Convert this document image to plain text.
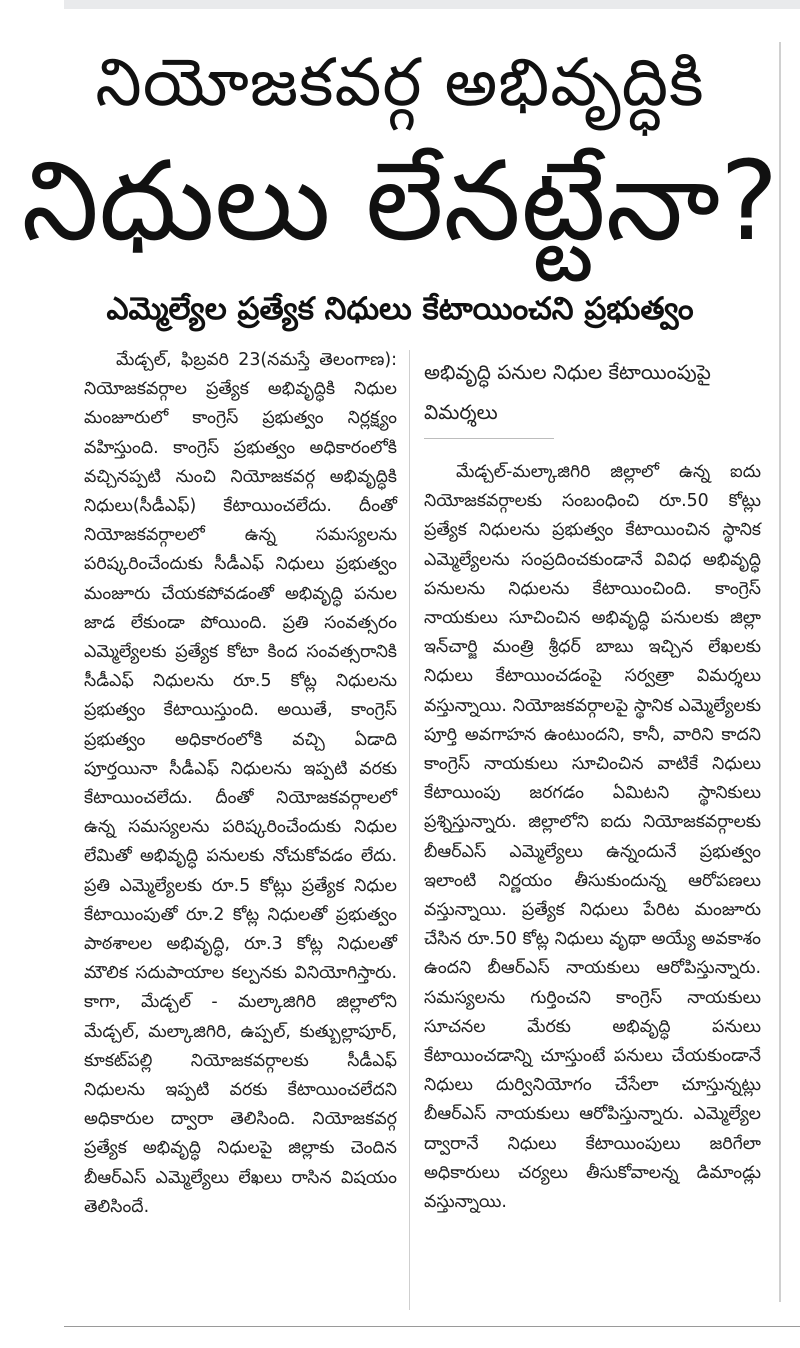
నియోజకవర్గ అభివృద్ధికి
నిధులు లేనట్టేనా?
ఎమ్మెల్యేల ప్రత్యేక నిధులు కేటాయించని ప్రభుత్వం

మేడ్చల్, ఫిబ్రవరి 23(నమస్తే తెలంగాణ): నియోజకవర్గాల ప్రత్యేక అభివృద్ధికి నిధుల మంజూరులో కాంగ్రెస్ ప్రభుత్వం నిర్లక్ష్యం వహిస్తుంది. కాంగ్రెస్ ప్రభుత్వం అధికారంలోకి వచ్చినప్పటి నుంచి నియోజకవర్గ అభివృద్ధికి నిధులు(సీడీఎఫ్) కేటాయించలేదు. దీంతో నియోజకవర్గాలలో ఉన్న సమస్యలను పరిష్కరించేందుకు సీడీఎఫ్ నిధులు ప్రభుత్వం మంజూరు చేయకపోవడంతో అభివృద్ధి పనుల జాడ లేకుండా పోయింది. ప్రతి సంవత్సరం ఎమ్మెల్యేలకు ప్రత్యేక కోటా కింద సంవత్సరానికి సీడీఎఫ్ నిధులను రూ.5 కోట్ల నిధులను ప్రభుత్వం కేటాయిస్తుంది. అయితే, కాంగ్రెస్ ప్రభుత్వం అధికారంలోకి వచ్చి ఏడాది పూర్తయినా సీడీఎఫ్ నిధులను ఇప్పటి వరకు కేటాయించలేదు. దీంతో నియోజకవర్గాలలో ఉన్న సమస్యలను పరిష్కరించేందుకు నిధుల లేమితో అభివృద్ధి పనులకు నోచుకోవడం లేదు. ప్రతి ఎమ్మెల్యేలకు రూ.5 కోట్లు ప్రత్యేక నిధుల కేటాయింపుతో రూ.2 కోట్ల నిధులతో ప్రభుత్వం పాఠశాలల అభివృద్ధి, రూ.3 కోట్ల నిధులతో మౌలిక సదుపాయాల కల్పనకు వినియోగిస్తారు. కాగా, మేడ్చల్ - మల్కాజిగిరి జిల్లాలోని మేడ్చల్, మల్కాజిగిరి, ఉప్పల్, కుత్బుల్లాపూర్, కూకట్‌పల్లి నియోజకవర్గాలకు సీడీఎఫ్ నిధులను ఇప్పటి వరకు కేటాయించలేదని అధికారుల ద్వారా తెలిసింది. నియోజకవర్గ ప్రత్యేక అభివృద్ధి నిధులపై జిల్లాకు చెందిన బీఆర్ఎస్ ఎమ్మెల్యేలు లేఖలు రాసిన విషయం తెలిసిందే.

అభివృద్ధి పనుల నిధుల కేటాయింపుపై విమర్శలు

మేడ్చల్-మల్కాజిగిరి జిల్లాలో ఉన్న ఐదు నియోజకవర్గాలకు సంబంధించి రూ.50 కోట్లు ప్రత్యేక నిధులను ప్రభుత్వం కేటాయించిన స్థానిక ఎమ్మెల్యేలను సంప్రదించకుండానే వివిధ అభివృద్ధి పనులను నిధులను కేటాయించింది. కాంగ్రెస్ నాయకులు సూచించిన అభివృద్ధి పనులకు జిల్లా ఇన్‌చార్జి మంత్రి శ్రీధర్ బాబు ఇచ్చిన లేఖలకు నిధులు కేటాయించడంపై సర్వత్రా విమర్శలు వస్తున్నాయి. నియోజకవర్గాలపై స్థానిక ఎమ్మెల్యేలకు పూర్తి అవగాహన ఉంటుందని, కానీ, వారిని కాదని కాంగ్రెస్ నాయకులు సూచించిన వాటికే నిధులు కేటాయింపు జరగడం ఏమిటని స్థానికులు ప్రశ్నిస్తున్నారు. జిల్లాలోని ఐదు నియోజకవర్గాలకు బీఆర్ఎస్ ఎమ్మెల్యేలు ఉన్నందునే ప్రభుత్వం ఇలాంటి నిర్ణయం తీసుకుందున్న ఆరోపణలు వస్తున్నాయి. ప్రత్యేక నిధులు పేరిట మంజూరు చేసిన రూ.50 కోట్ల నిధులు వృథా అయ్యే అవకాశం ఉందని బీఆర్ఎస్ నాయకులు ఆరోపిస్తున్నారు. సమస్యలను గుర్తించని కాంగ్రెస్ నాయకులు సూచనల మేరకు అభివృద్ధి పనులు కేటాయించడాన్ని చూస్తుంటే పనులు చేయకుండానే నిధులు దుర్వినియోగం చేసేలా చూస్తున్నట్లు బీఆర్ఎస్ నాయకులు ఆరోపిస్తున్నారు. ఎమ్మెల్యేల ద్వారానే నిధులు కేటాయింపులు జరిగేలా అధికారులు చర్యలు తీసుకోవాలన్న డిమాండ్లు వస్తున్నాయి.
